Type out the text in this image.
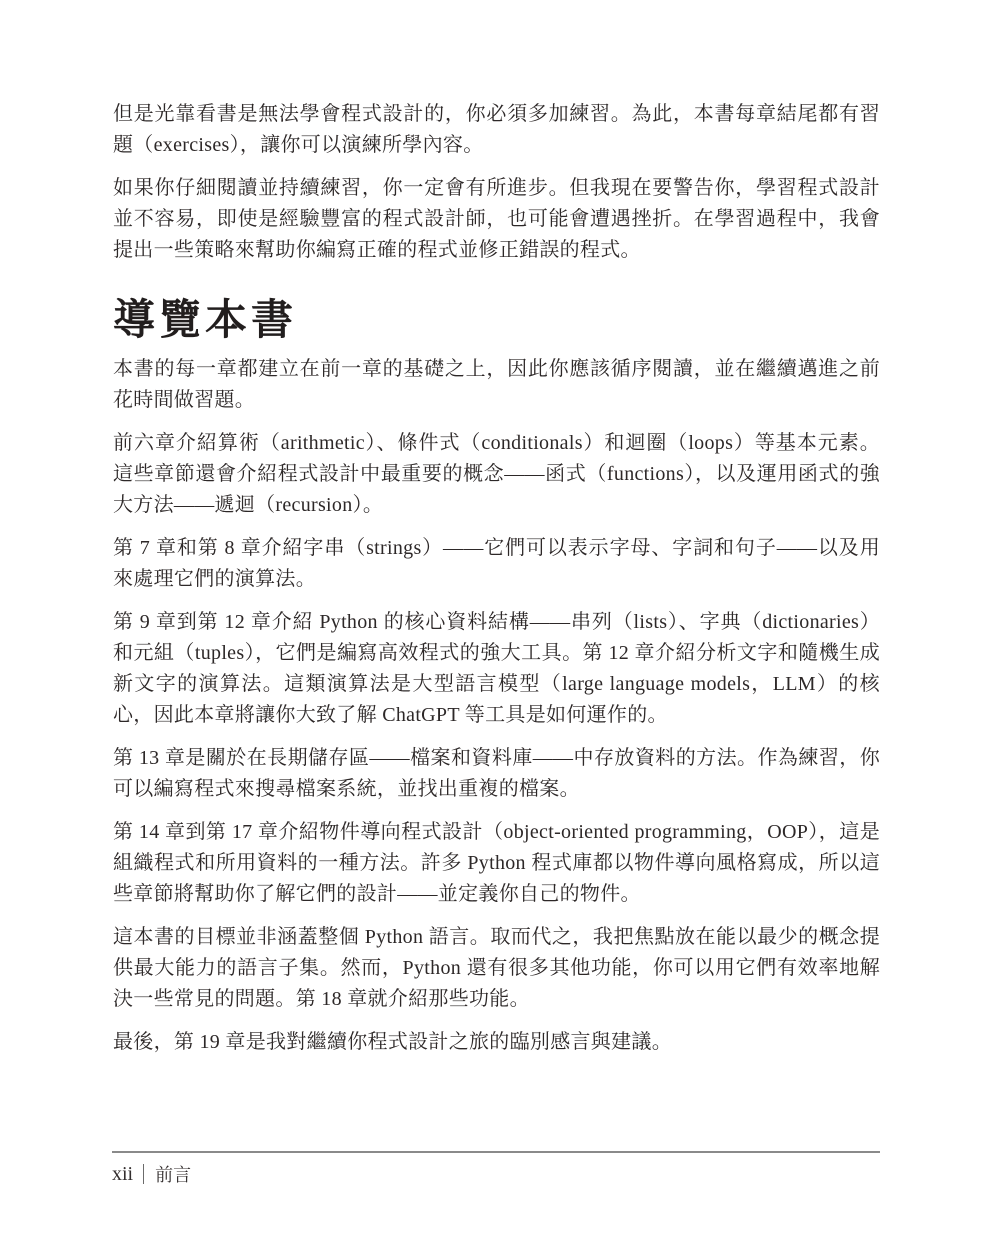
但是光靠看書是無法學會程式設計的，你必須多加練習。為此，本書每章結尾都有習題（exercises），讓你可以演練所學內容。

如果你仔細閱讀並持續練習，你一定會有所進步。但我現在要警告你，學習程式設計並不容易，即使是經驗豐富的程式設計師，也可能會遭遇挫折。在學習過程中，我會提出一些策略來幫助你編寫正確的程式並修正錯誤的程式。

導覽本書

本書的每一章都建立在前一章的基礎之上，因此你應該循序閱讀，並在繼續邁進之前花時間做習題。

前六章介紹算術（arithmetic）、條件式（conditionals）和迴圈（loops）等基本元素。這些章節還會介紹程式設計中最重要的概念——函式（functions），以及運用函式的強大方法——遞迴（recursion）。

第 7 章和第 8 章介紹字串（strings）——它們可以表示字母、字詞和句子——以及用來處理它們的演算法。

第 9 章到第 12 章介紹 Python 的核心資料結構——串列（lists）、字典（dictionaries）和元組（tuples），它們是編寫高效程式的強大工具。第 12 章介紹分析文字和隨機生成新文字的演算法。這類演算法是大型語言模型（large language models，LLM）的核心，因此本章將讓你大致了解 ChatGPT 等工具是如何運作的。

第 13 章是關於在長期儲存區——檔案和資料庫——中存放資料的方法。作為練習，你可以編寫程式來搜尋檔案系統，並找出重複的檔案。

第 14 章到第 17 章介紹物件導向程式設計（object-oriented programming，OOP），這是組織程式和所用資料的一種方法。許多 Python 程式庫都以物件導向風格寫成，所以這些章節將幫助你了解它們的設計——並定義你自己的物件。

這本書的目標並非涵蓋整個 Python 語言。取而代之，我把焦點放在能以最少的概念提供最大能力的語言子集。然而，Python 還有很多其他功能，你可以用它們有效率地解決一些常見的問題。第 18 章就介紹那些功能。

最後，第 19 章是我對繼續你程式設計之旅的臨別感言與建議。

xii 前言
